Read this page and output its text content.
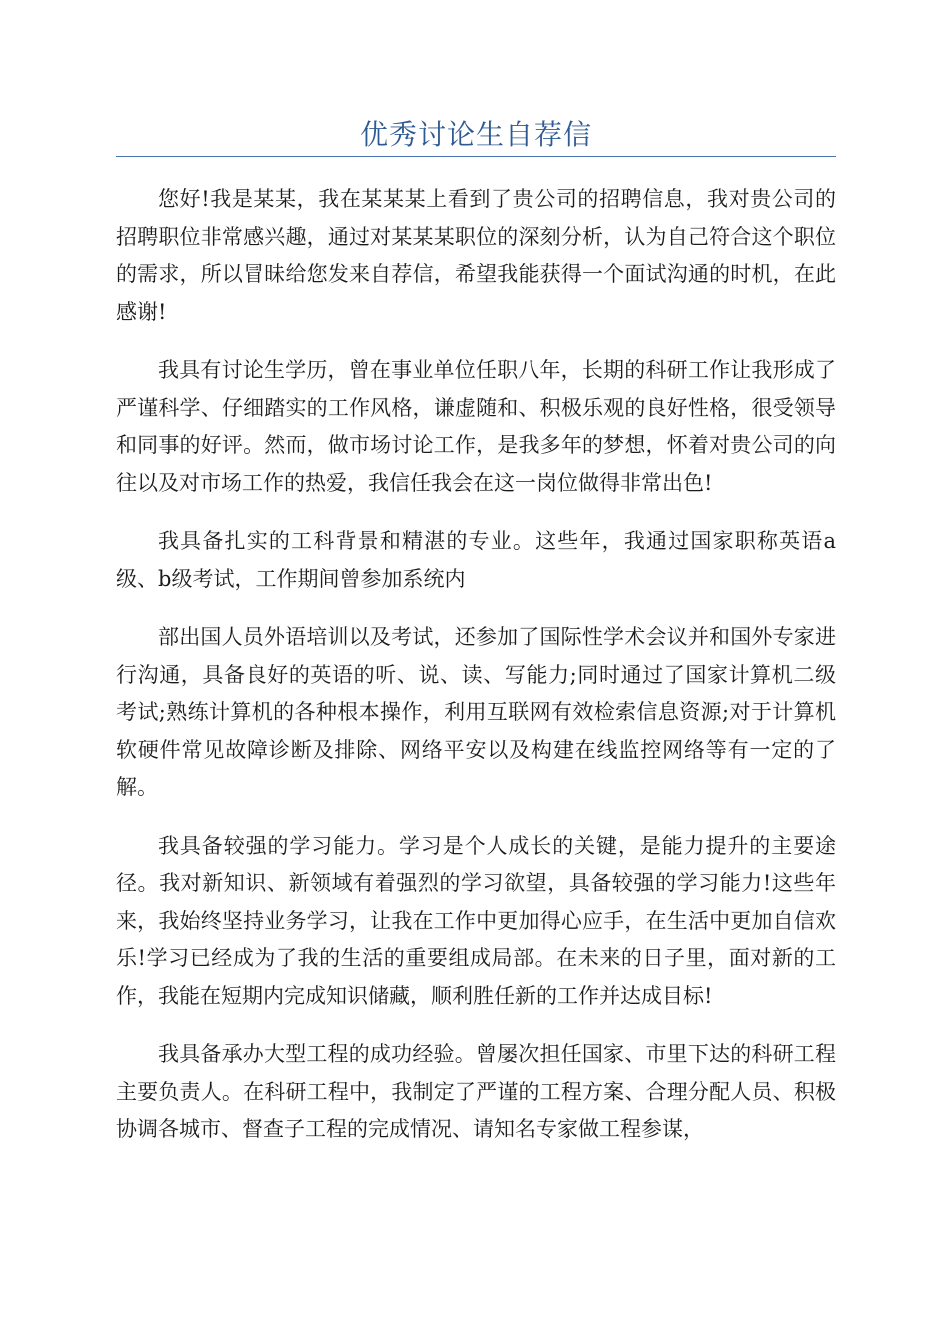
优秀讨论生自荐信

您好!我是某某，我在某某某上看到了贵公司的招聘信息，我对贵公司的招聘职位非常感兴趣，通过对某某某职位的深刻分析，认为自己符合这个职位的需求，所以冒昧给您发来自荐信，希望我能获得一个面试沟通的时机，在此感谢!

我具有讨论生学历，曾在事业单位任职八年，长期的科研工作让我形成了严谨科学、仔细踏实的工作风格，谦虚随和、积极乐观的良好性格，很受领导和同事的好评。然而，做市场讨论工作，是我多年的梦想，怀着对贵公司的向往以及对市场工作的热爱，我信任我会在这一岗位做得非常出色!

我具备扎实的工科背景和精湛的专业。这些年，我通过国家职称英语a级、b级考试，工作期间曾参加系统内

部出国人员外语培训以及考试，还参加了国际性学术会议并和国外专家进行沟通，具备良好的英语的听、说、读、写能力;同时通过了国家计算机二级考试;熟练计算机的各种根本操作，利用互联网有效检索信息资源;对于计算机软硬件常见故障诊断及排除、网络平安以及构建在线监控网络等有一定的了解。

我具备较强的学习能力。学习是个人成长的关键，是能力提升的主要途径。我对新知识、新领域有着强烈的学习欲望，具备较强的学习能力!这些年来，我始终坚持业务学习，让我在工作中更加得心应手，在生活中更加自信欢乐!学习已经成为了我的生活的重要组成局部。在未来的日子里，面对新的工作，我能在短期内完成知识储藏，顺利胜任新的工作并达成目标!

我具备承办大型工程的成功经验。曾屡次担任国家、市里下达的科研工程主要负责人。在科研工程中，我制定了严谨的工程方案、合理分配人员、积极协调各城市、督查子工程的完成情况、请知名专家做工程参谋，
